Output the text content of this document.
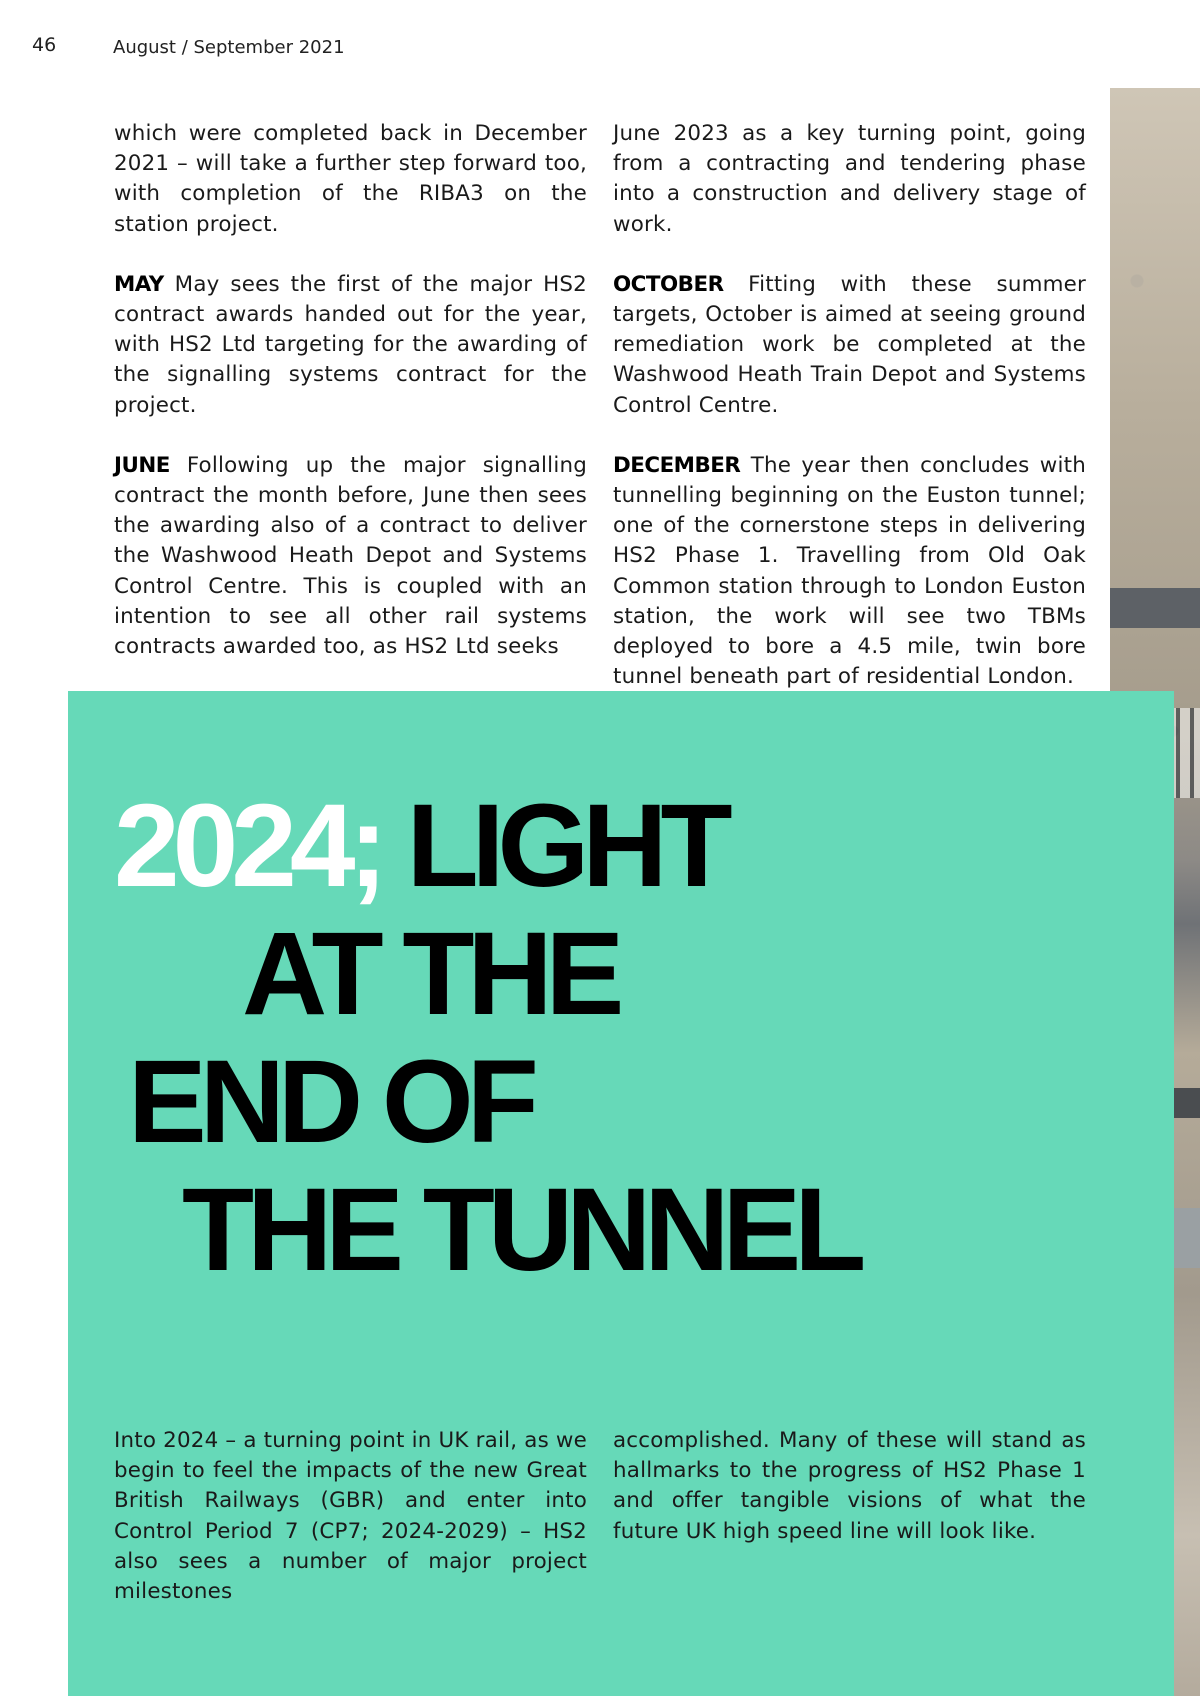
46	August / September 2021

which were completed back in December 2021 – will take a further step forward too, with completion of the RIBA3 on the station project.

MAY May sees the first of the major HS2 contract awards handed out for the year, with HS2 Ltd targeting for the awarding of the signalling systems contract for the project.

JUNE Following up the major signalling contract the month before, June then sees the awarding also of a contract to deliver the Washwood Heath Depot and Systems Control Centre. This is coupled with an intention to see all other rail systems contracts awarded too, as HS2 Ltd seeks

June 2023 as a key turning point, going from a contracting and tendering phase into a construction and delivery stage of work.

OCTOBER Fitting with these summer targets, October is aimed at seeing ground remediation work be completed at the Washwood Heath Train Depot and Systems Control Centre.

DECEMBER The year then concludes with tunnelling beginning on the Euston tunnel; one of the cornerstone steps in delivering HS2 Phase 1. Travelling from Old Oak Common station through to London Euston station, the work will see two TBMs deployed to bore a 4.5 mile, twin bore tunnel beneath part of residential London.

2024; LIGHT
AT THE
END OF
THE TUNNEL

Into 2024 – a turning point in UK rail, as we begin to feel the impacts of the new Great British Railways (GBR) and enter into Control Period 7 (CP7; 2024-2029) – HS2 also sees a number of major project milestones

accomplished. Many of these will stand as hallmarks to the progress of HS2 Phase 1 and offer tangible visions of what the future UK high speed line will look like.
